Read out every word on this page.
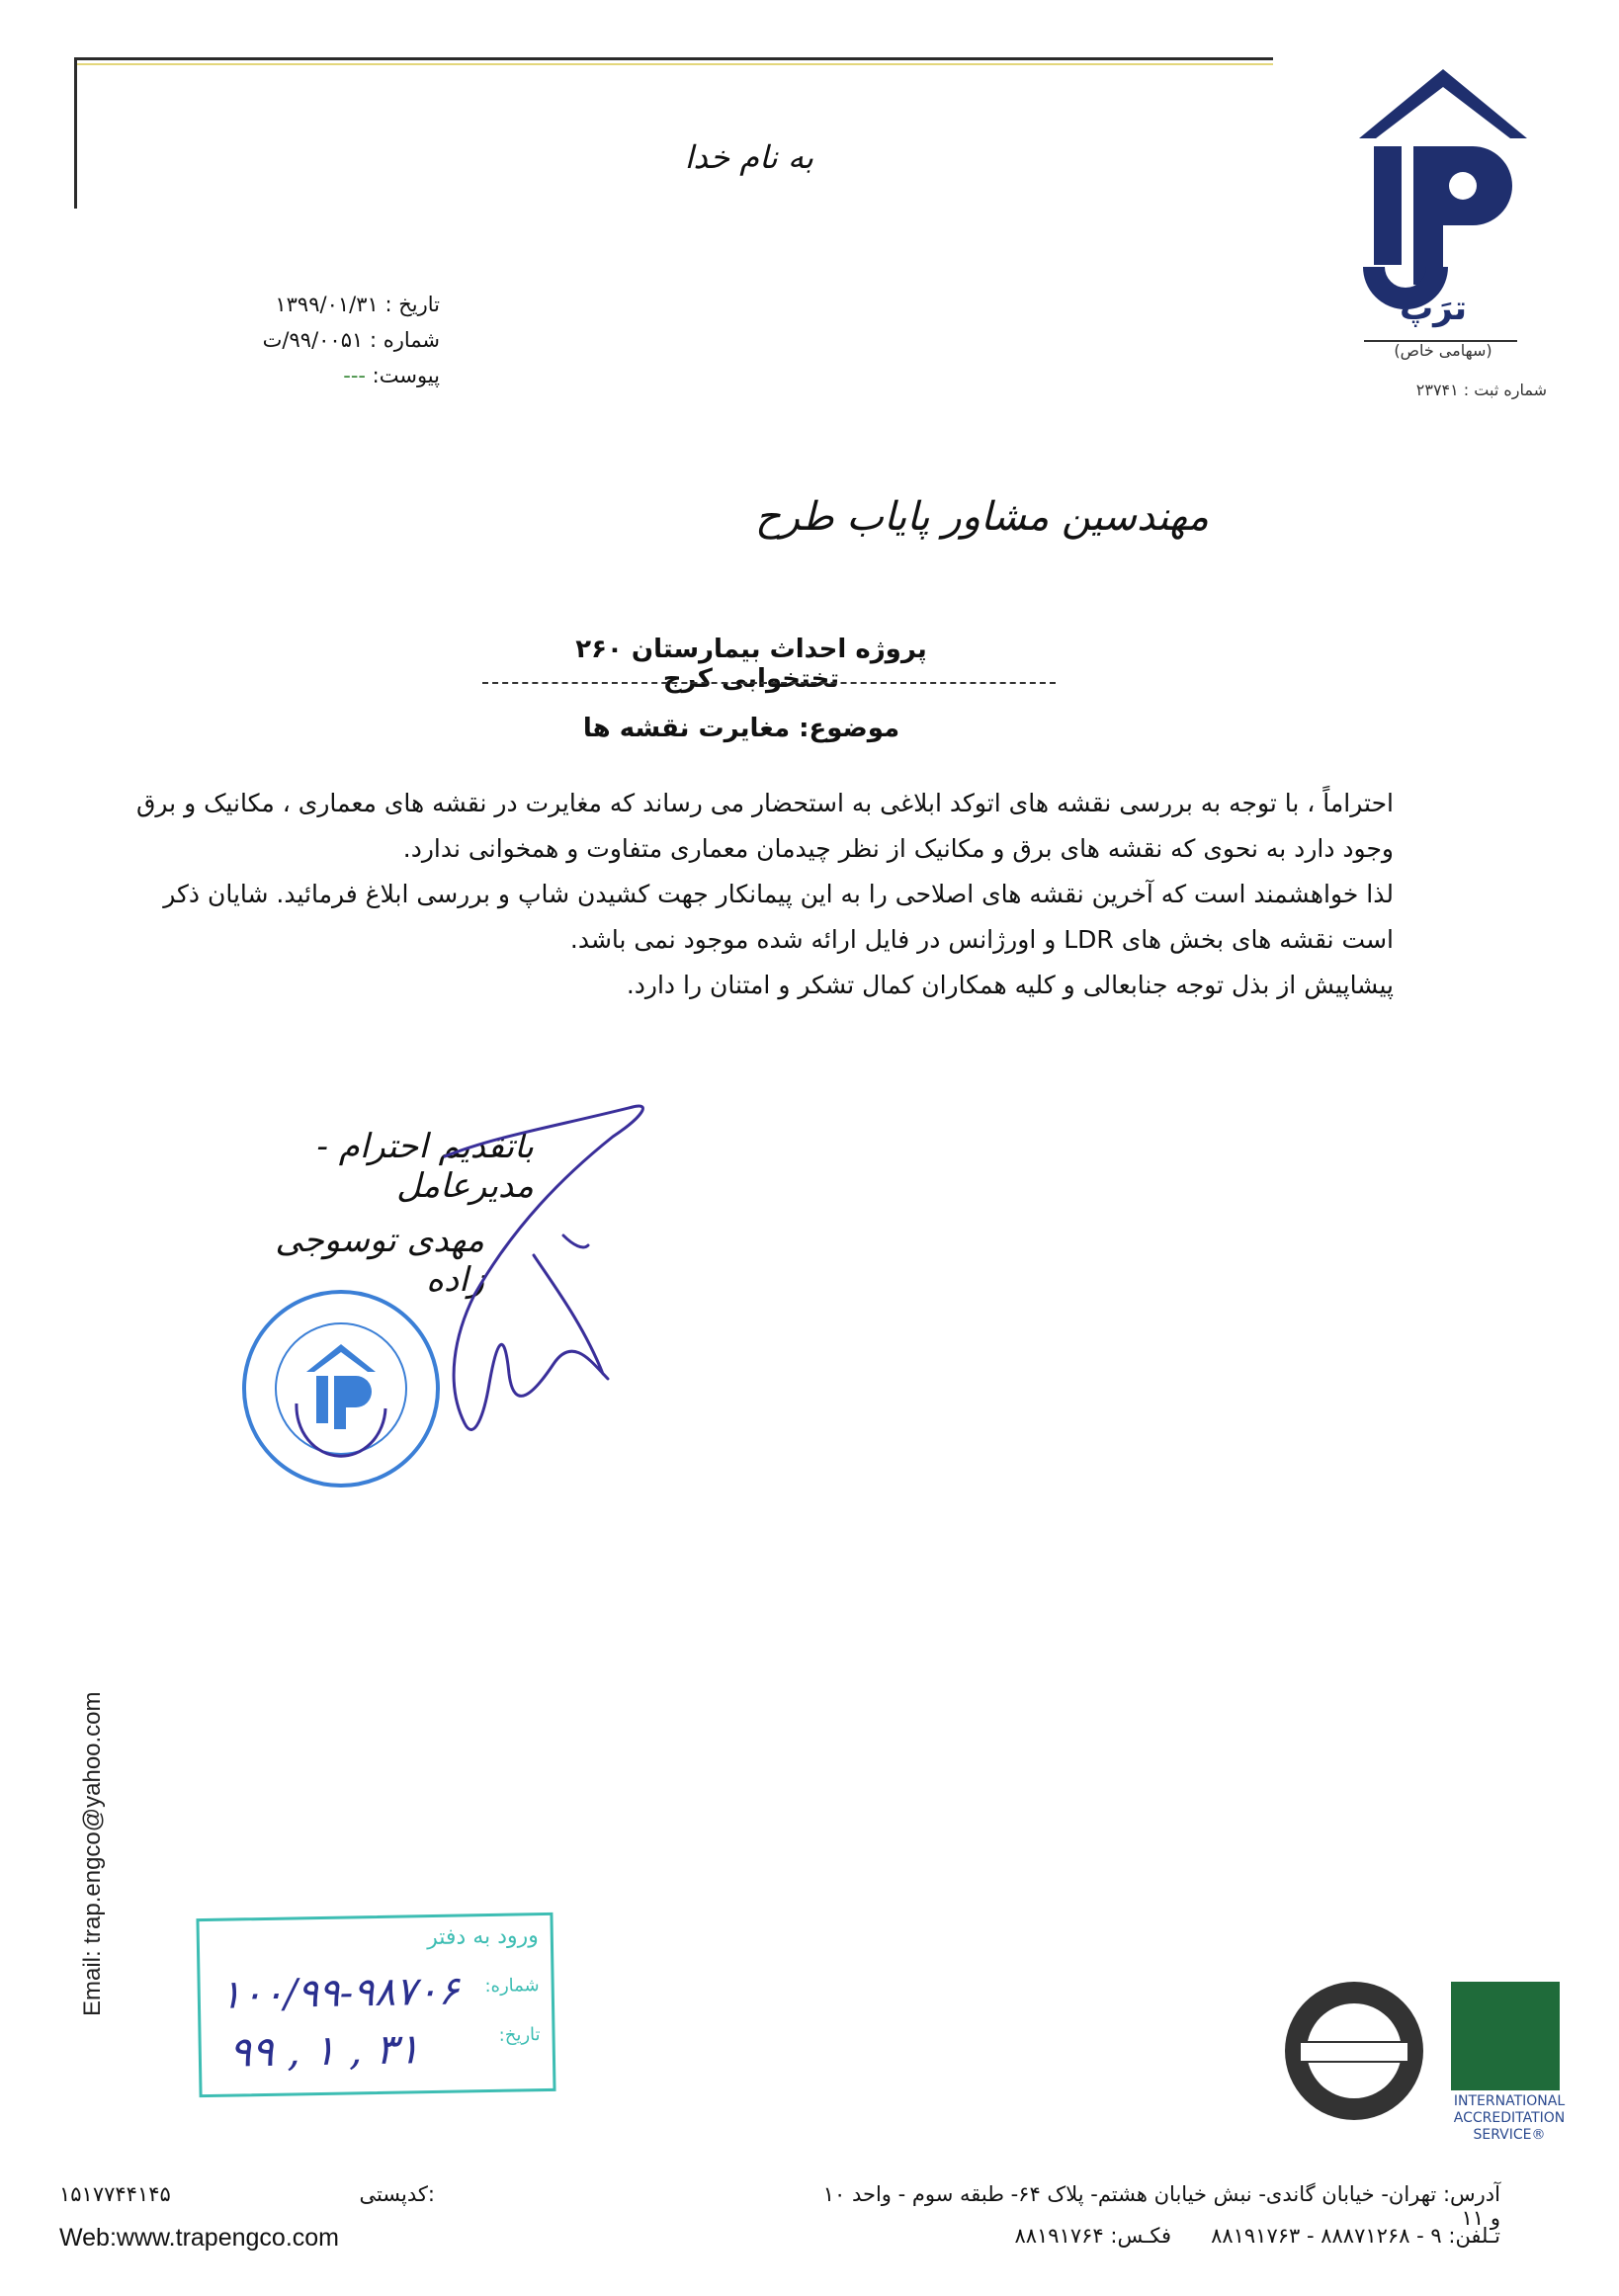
به نام خدا
تاریخ : ۱۳۹۹/۰۱/۳۱
شماره : ۹۹/۰۰۵۱/ت
پیوست: ---
ترَپ
(سهامی خاص)
شماره ثبت : ۲۳۷۴۱
مهندسین مشاور پایاب طرح
پروژه احداث بیمارستان ۲۶۰ تختخوابی کرج
موضوع: مغایرت نقشه ها

احتراماً ، با توجه به بررسی نقشه های اتوکد ابلاغی به استحضار می رساند که مغایرت در نقشه های معماری ، مکانیک و برق وجود دارد به نحوی که نقشه های برق و مکانیک از نظر چیدمان معماری متفاوت و همخوانی ندارد.

لذا خواهشمند است که آخرین نقشه های اصلاحی را به این پیمانکار جهت کشیدن شاپ و بررسی ابلاغ فرمائید. شایان ذکر است نقشه های بخش های LDR و اورژانس در فایل ارائه شده موجود نمی باشد.

پیشاپیش از بذل توجه جنابعالی و کلیه همکاران کمال تشکر و امتنان را دارد.

باتقدیم احترام - مدیرعامل
مهدی توسوجی زاده
Email: trap.engco@yahoo.com	ورود به دفتر
شماره:
تاریخ:
۱۰۰/۹۹-۹۸۷۰۶
۹۹ , ۱ , ۳۱
INTERNATIONAL
ACCREDITATION
SERVICE®
آدرس: تهران- خیابان گاندی- نبش خیابان هشتم- پلاک ۶۴- طبقه سوم - واحد ۱۰ و ۱۱
تـلفن: ۹ - ۸۸۸۷۱۲۶۸ - ۸۸۱۹۱۷۶۳      فکـس: ۸۸۱۹۱۷۶۴
۱۵۱۷۷۴۴۱۴۵	کدپستی:
Web:www.trapengco.com
